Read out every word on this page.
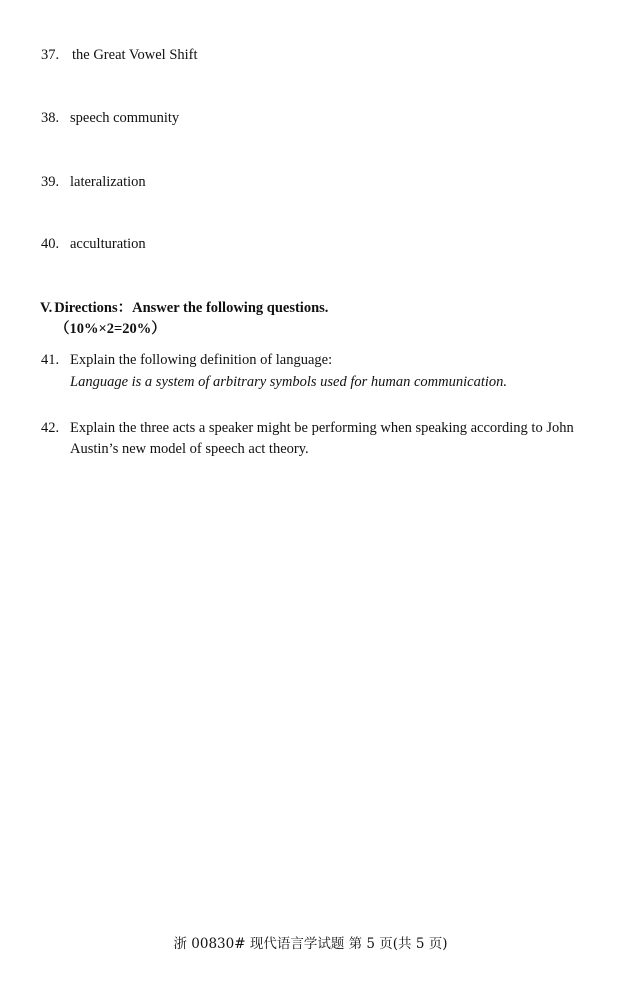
37. the Great Vowel Shift
38. speech community
39. lateralization
40. acculturation
V. Directions：Answer the following questions.
（10%×2=20%）
41. Explain the following definition of language:
Language is a system of arbitrary symbols used for human communication.
42. Explain the three acts a speaker might be performing when speaking according to John
Austin’s new model of speech act theory.
浙 00830# 现代语言学试题 第 5 页(共 5 页)
